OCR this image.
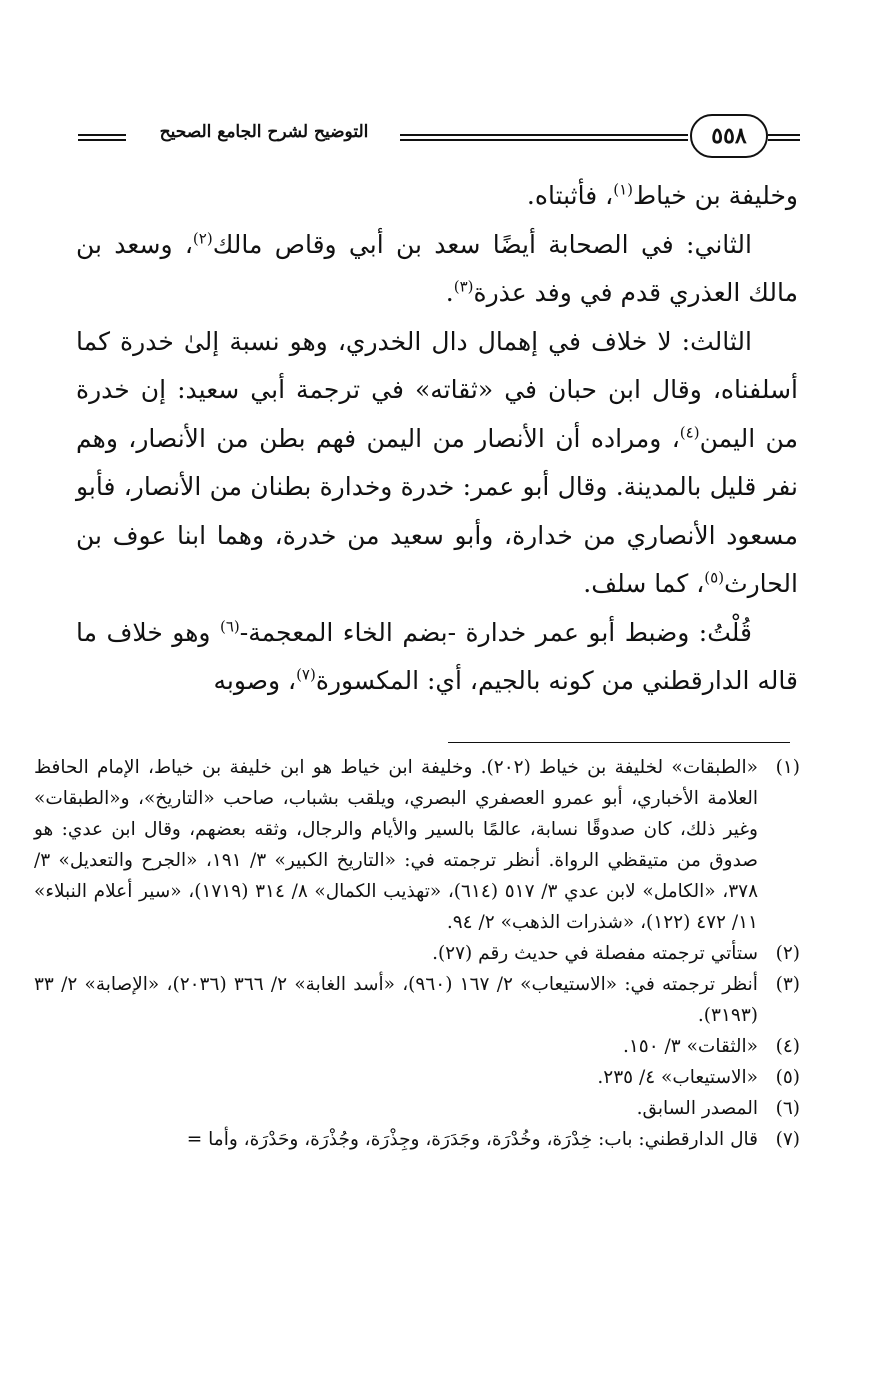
التوضيح لشرح الجامع الصحيح	٥٥٨

وخليفة بن خياط$^{(١)}$، فأثبتاه.

الثاني: في الصحابة أيضًا سعد بن أبي وقاص مالك$^{(٢)}$، وسعد بن مالك العذري قدم في وفد عذرة$^{(٣)}$.

الثالث: لا خلاف في إهمال دال الخدري، وهو نسبة إلىٰ خدرة كما أسلفناه، وقال ابن حبان في «ثقاته» في ترجمة أبي سعيد: إن خدرة من اليمن$^{(٤)}$، ومراده أن الأنصار من اليمن فهم بطن من الأنصار، وهم نفر قليل بالمدينة. وقال أبو عمر: خدرة وخدارة بطنان من الأنصار، فأبو مسعود الأنصاري من خدارة، وأبو سعيد من خدرة، وهما ابنا عوف بن الحارث$^{(٥)}$، كما سلف.

قُلْتُ: وضبط أبو عمر خدارة -بضم الخاء المعجمة-$^{(٦)}$ وهو خلاف ما قاله الدارقطني من كونه بالجيم، أي: المكسورة$^{(٧)}$، وصوبه

(١)
«الطبقات» لخليفة بن خياط (٢٠٢). وخليفة ابن خياط هو ابن خليفة بن خياط، الإمام الحافظ العلامة الأخباري، أبو عمرو العصفري البصري، ويلقب بشباب، صاحب «التاريخ»، و«الطبقات» وغير ذلك، كان صدوقًا نسابة، عالمًا بالسير والأيام والرجال، وثقه بعضهم، وقال ابن عدي: هو صدوق من متيقظي الرواة. أنظر ترجمته في: «التاريخ الكبير» ٣/ ١٩١، «الجرح والتعديل» ٣/ ٣٧٨، «الكامل» لابن عدي ٣/ ٥١٧ (٦١٤)، «تهذيب الكمال» ٨/ ٣١٤ (١٧١٩)، «سير أعلام النبلاء» ١١/ ٤٧٢ (١٢٢)، «شذرات الذهب» ٢/ ٩٤.
(٢)
ستأتي ترجمته مفصلة في حديث رقم (٢٧).
(٣)
أنظر ترجمته في: «الاستيعاب» ٢/ ١٦٧ (٩٦٠)، «أسد الغابة» ٢/ ٣٦٦ (٢٠٣٦)، «الإصابة» ٢/ ٣٣ (٣١٩٣).
(٤)
«الثقات» ٣/ ١٥٠.
(٥)
«الاستيعاب» ٤/ ٢٣٥.
(٦)
المصدر السابق.
(٧)
قال الدارقطني: باب: خِدْرَة، وخُدْرَة، وجَدَرَة، وجِذْرَة، وجُذْرَة، وحَدْرَة، وأما =
